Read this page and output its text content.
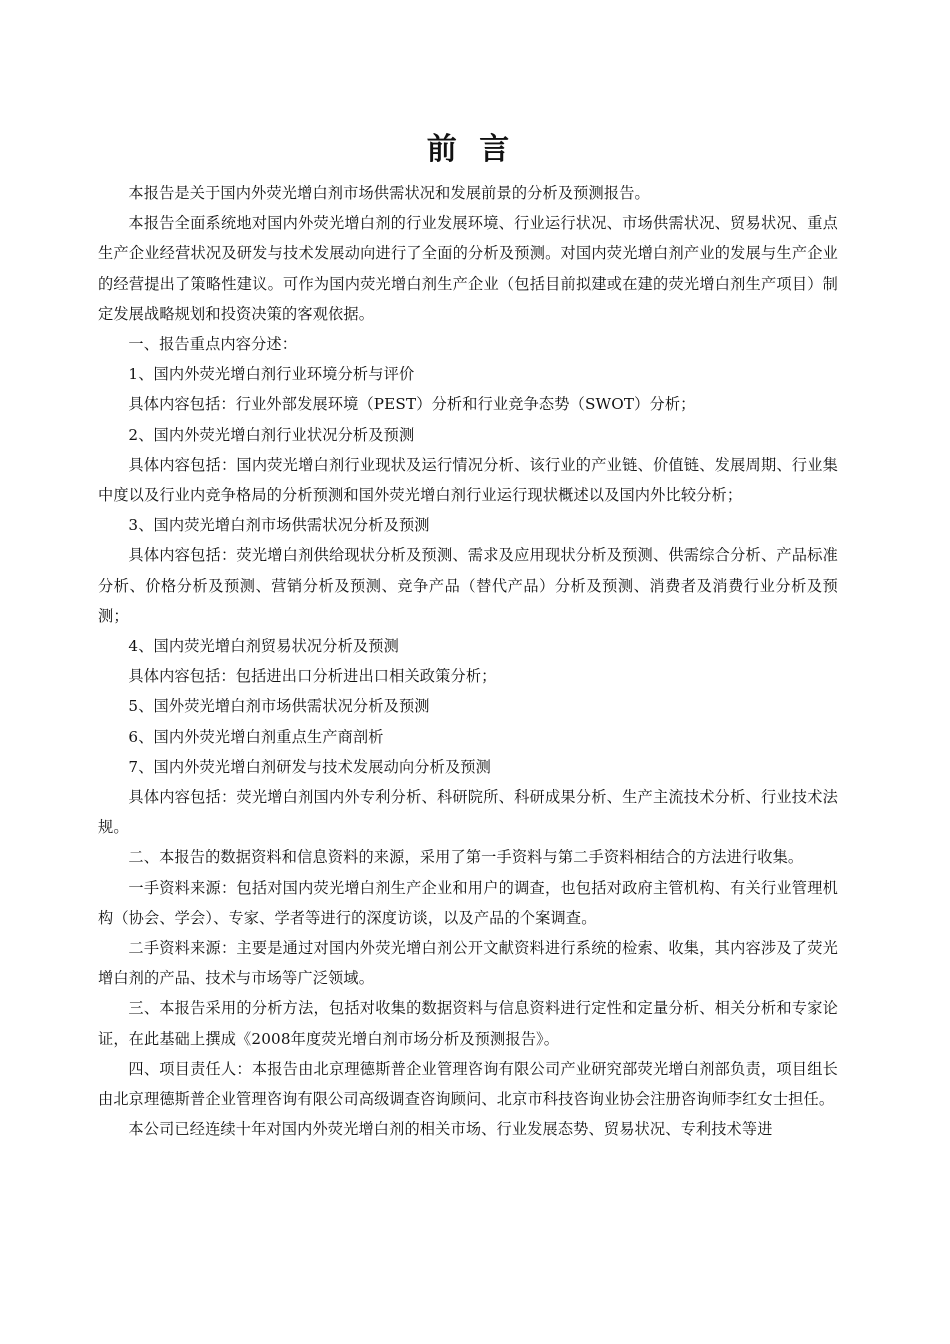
前 言

本报告是关于国内外荧光增白剂市场供需状况和发展前景的分析及预测报告。

本报告全面系统地对国内外荧光增白剂的行业发展环境、行业运行状况、市场供需状况、贸易状况、重点生产企业经营状况及研发与技术发展动向进行了全面的分析及预测。对国内荧光增白剂产业的发展与生产企业的经营提出了策略性建议。可作为国内荧光增白剂生产企业（包括目前拟建或在建的荧光增白剂生产项目）制定发展战略规划和投资决策的客观依据。

一、报告重点内容分述：

1、国内外荧光增白剂行业环境分析与评价

具体内容包括：行业外部发展环境（PEST）分析和行业竞争态势（SWOT）分析；

2、国内外荧光增白剂行业状况分析及预测

具体内容包括：国内荧光增白剂行业现状及运行情况分析、该行业的产业链、价值链、发展周期、行业集中度以及行业内竞争格局的分析预测和国外荧光增白剂行业运行现状概述以及国内外比较分析；

3、国内荧光增白剂市场供需状况分析及预测

具体内容包括：荧光增白剂供给现状分析及预测、需求及应用现状分析及预测、供需综合分析、产品标准分析、价格分析及预测、营销分析及预测、竞争产品（替代产品）分析及预测、消费者及消费行业分析及预测；

4、国内荧光增白剂贸易状况分析及预测

具体内容包括：包括进出口分析进出口相关政策分析；

5、国外荧光增白剂市场供需状况分析及预测

6、国内外荧光增白剂重点生产商剖析

7、国内外荧光增白剂研发与技术发展动向分析及预测

具体内容包括：荧光增白剂国内外专利分析、科研院所、科研成果分析、生产主流技术分析、行业技术法规。

二、本报告的数据资料和信息资料的来源，采用了第一手资料与第二手资料相结合的方法进行收集。

一手资料来源：包括对国内荧光增白剂生产企业和用户的调查，也包括对政府主管机构、有关行业管理机构（协会、学会）、专家、学者等进行的深度访谈，以及产品的个案调查。

二手资料来源：主要是通过对国内外荧光增白剂公开文献资料进行系统的检索、收集，其内容涉及了荧光增白剂的产品、技术与市场等广泛领域。

三、本报告采用的分析方法，包括对收集的数据资料与信息资料进行定性和定量分析、相关分析和专家论证，在此基础上撰成《2008年度荧光增白剂市场分析及预测报告》。

四、项目责任人：本报告由北京理德斯普企业管理咨询有限公司产业研究部荧光增白剂部负责，项目组长由北京理德斯普企业管理咨询有限公司高级调查咨询顾问、北京市科技咨询业协会注册咨询师李红女士担任。

本公司已经连续十年对国内外荧光增白剂的相关市场、行业发展态势、贸易状况、专利技术等进
